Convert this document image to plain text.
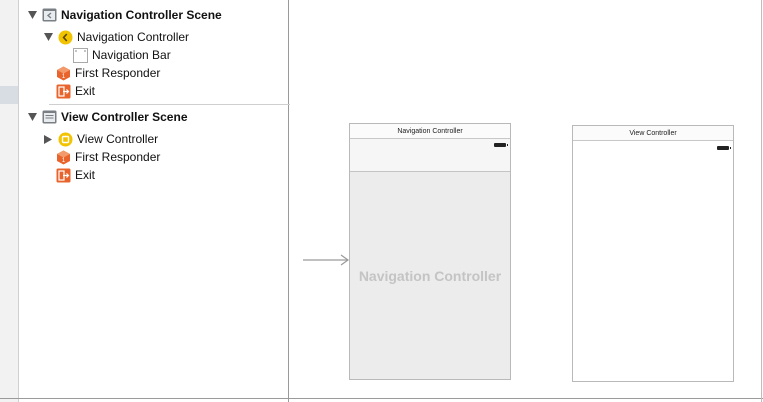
Navigation Controller Scene
Navigation Controller
Navigation Bar
1 First Responder
Exit
View Controller Scene
View Controller
1 First Responder
Exit
Navigation Controller
Navigation Controller
View Controller
